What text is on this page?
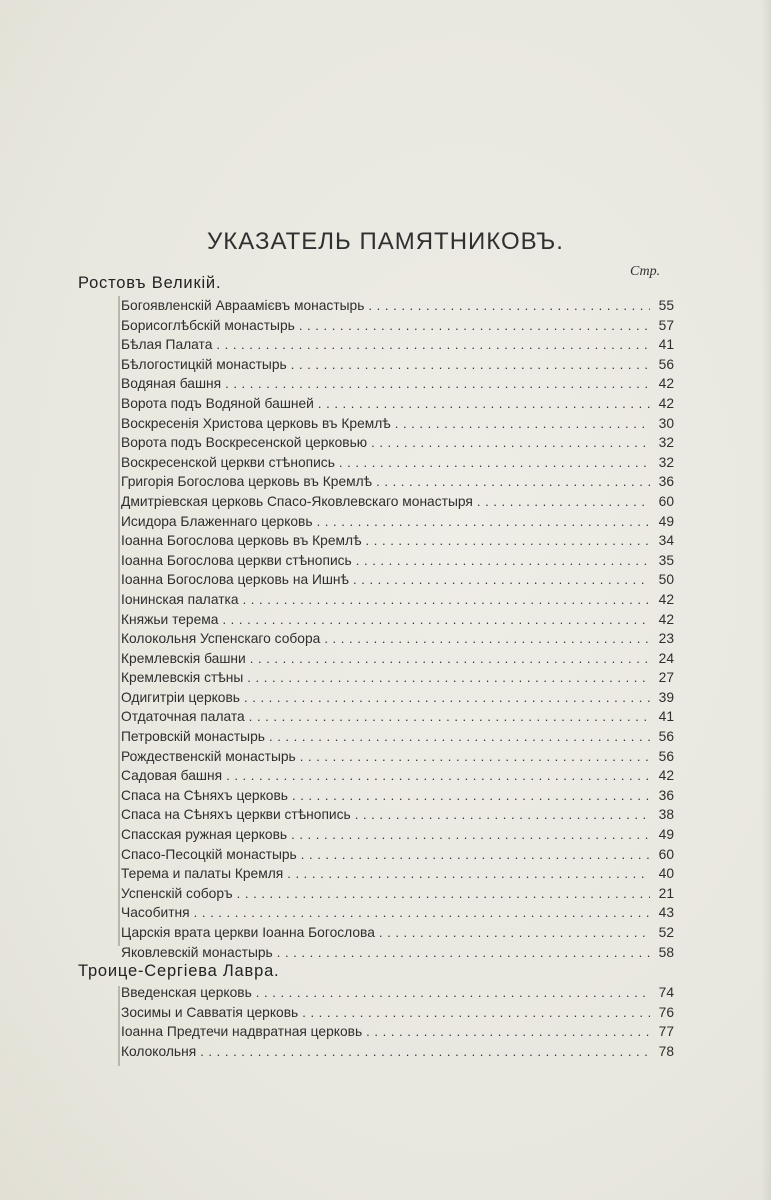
УКАЗАТЕЛЬ ПАМЯТНИКОВЪ.
Стр.
Ростовъ Великій.
Богоявленскій Авраамієвъ монастырь . . .	55
Борисоглѣбскій монастырь . . .	57
Бѣлая Палата . . .	41
Бѣлогостицкій монастырь . . .	56
Водяная башня . . .	42
Ворота подъ Водяной башней . . .	42
Воскресенія Христова церковь въ Кремлѣ . . .	30
Ворота подъ Воскресенской церковью . . .	32
Воскресенской церкви стѣнопись . . .	32
Григорія Богослова церковь въ Кремлѣ . . .	36
Дмитріевская церковь Спасо-Яковлевскаго монастыря . . .	60
Исидора Блаженнаго церковь . . .	49
Іоанна Богослова церковь въ Кремлѣ . . .	34
Іоанна Богослова церкви стѣнопись . . .	35
Іоанна Богослова церковь на Ишнѣ . . .	50
Іонинская палатка . . .	42
Княжьи терема . . .	42
Колокольня Успенскаго собора . . .	23
Кремлевскія башни . . .	24
Кремлевскія стѣны . . .	27
Одигитріи церковь . . .	39
Отдаточная палата . . .	41
Петровскій монастырь . . .	56
Рождественскій монастырь . . .	56
Садовая башня . . .	42
Спаса на Сѣняхъ церковь . . .	36
Спаса на Сѣняхъ церкви стѣнопись . . .	38
Спасская ружная церковь . . .	49
Спасо-Песоцкій монастырь . . .	60
Терема и палаты Кремля . . .	40
Успенскій соборъ . . .	21
Часобитня . . .	43
Царскія врата церкви Іоанна Богослова . . .	52
Яковлевскій монастырь . . .	58
Троице-Сергіева Лавра.
Введенская церковь . . .	74
Зосимы и Савватія церковь . . .	76
Іоанна Предтечи надвратная церковь . . .	77
Колокольня . . .	78
